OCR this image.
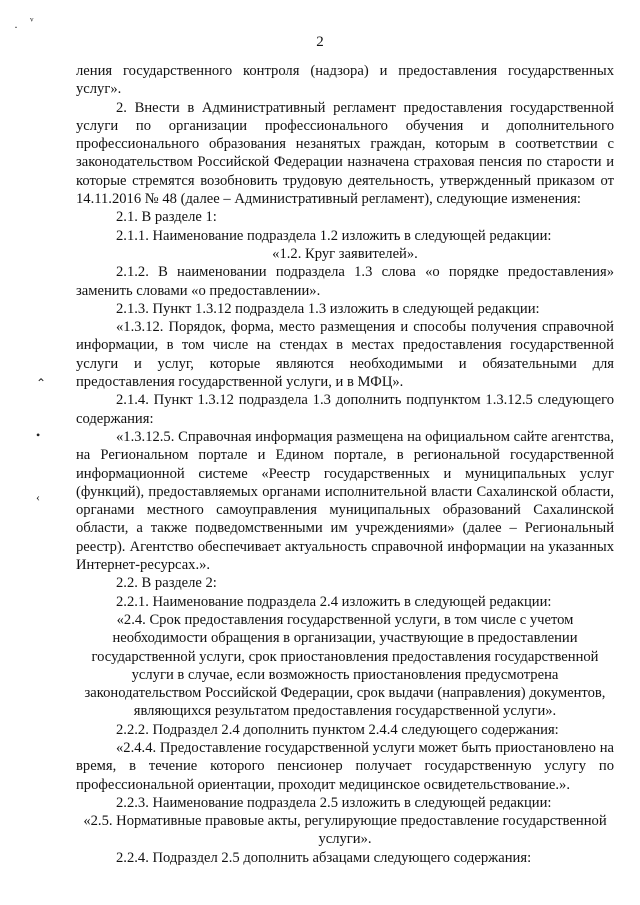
2
· ᵛ
⌃
•
‹

ления государственного контроля (надзора) и предоставления государственных услуг».

2. Внести в Административный регламент предоставления государственной услуги по организации профессионального обучения и дополнительного профессионального образования незанятых граждан, которым в соответствии с законодательством Российской Федерации назначена страховая пенсия по старости и которые стремятся возобновить трудовую деятельность, утвержденный приказом от 14.11.2016 № 48 (далее – Административный регламент), следующие изменения:

2.1. В разделе 1:

2.1.1. Наименование подраздела 1.2 изложить в следующей редакции:

«1.2. Круг заявителей».

2.1.2. В наименовании подраздела 1.3 слова «о порядке предоставления» заменить словами «о предоставлении».

2.1.3. Пункт 1.3.12 подраздела 1.3 изложить в следующей редакции:

«1.3.12. Порядок, форма, место размещения и способы получения справочной информации, в том числе на стендах в местах предоставления государственной услуги и услуг, которые являются необходимыми и обязательными для предоставления государственной услуги, и в МФЦ».

2.1.4. Пункт 1.3.12 подраздела 1.3 дополнить подпунктом 1.3.12.5 следующего содержания:

«1.3.12.5. Справочная информация размещена на официальном сайте агентства, на Региональном портале и Едином портале, в региональной государственной информационной системе «Реестр государственных и муниципальных услуг (функций), предоставляемых органами исполнительной власти Сахалинской области, органами местного самоуправления муниципальных образований Сахалинской области, а также подведомственными им учреждениями» (далее – Региональный реестр). Агентство обеспечивает актуальность справочной информации на указанных Интернет-ресурсах.».

2.2. В разделе 2:

2.2.1. Наименование подраздела 2.4 изложить в следующей редакции:

«2.4. Срок предоставления государственной услуги, в том числе с учетом необходимости обращения в организации, участвующие в предоставлении государственной услуги, срок приостановления предоставления государственной услуги в случае, если возможность приостановления предусмотрена законодательством Российской Федерации, срок выдачи (направления) документов, являющихся результатом предоставления государственной услуги».

2.2.2. Подраздел 2.4 дополнить пунктом 2.4.4 следующего содержания:

«2.4.4. Предоставление государственной услуги может быть приостановлено на время, в течение которого пенсионер получает государственную услугу по профессиональной ориентации, проходит медицинское освидетельствование.».

2.2.3. Наименование подраздела 2.5 изложить в следующей редакции:

«2.5. Нормативные правовые акты, регулирующие предоставление государственной услуги».

2.2.4. Подраздел 2.5 дополнить абзацами следующего содержания:
